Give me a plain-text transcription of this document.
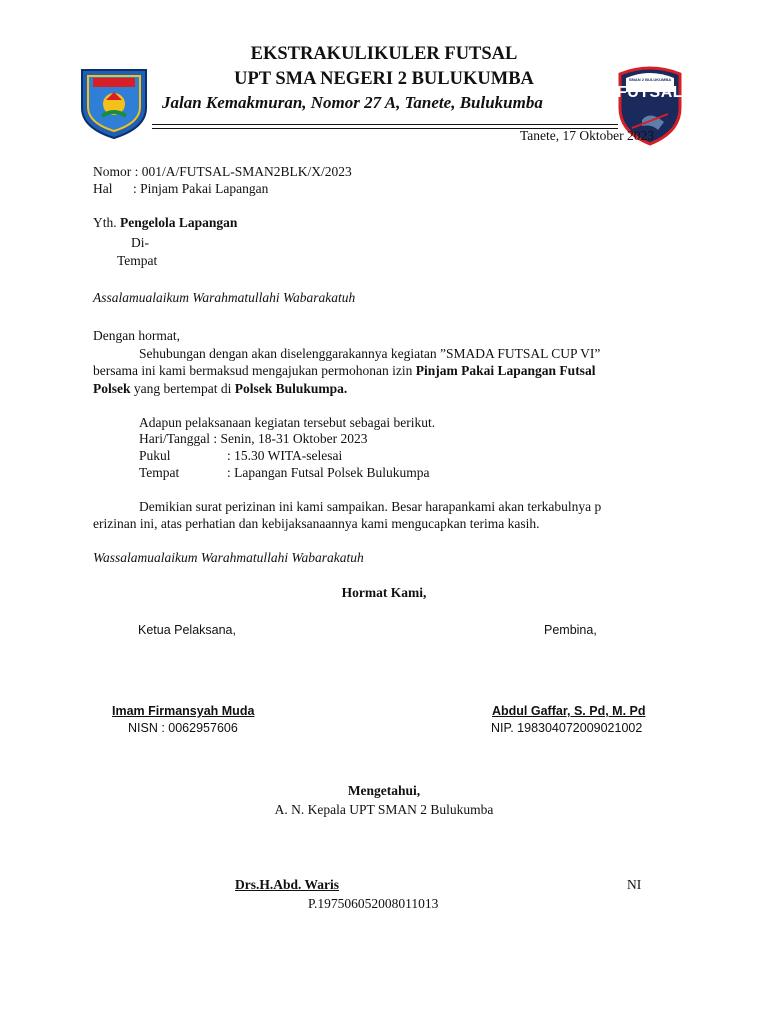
SMAN 2 BULUKUMBA
FUTSAL
EKSTRAKULIKULER FUTSAL
UPT SMA NEGERI 2 BULUKUMBA
Jalan Kemakmuran, Nomor 27 A, Tanete, Bulukumba
Tanete, 17 Oktober 2023
Nomor : 001/A/FUTSAL-SMAN2BLK/X/2023
Hal : Pinjam Pakai Lapangan
Yth. Pengelola Lapangan
Di-
Tempat
Assalamualaikum Warahmatullahi Wabarakatuh
Dengan hormat,
Sehubungan dengan akan diselenggarakannya kegiatan ”SMADA FUTSAL CUP VI”
bersama ini kami bermaksud mengajukan permohonan izin Pinjam Pakai Lapangan Futsal
Polsek yang bertempat di Polsek Bulukumpa.
Adapun pelaksanaan kegiatan tersebut sebagai berikut.
Hari/Tanggal : Senin, 18-31 Oktober 2023
Pukul	: 15.30 WITA-selesai
Tempat	: Lapangan Futsal Polsek Bulukumpa
Demikian surat perizinan ini kami sampaikan. Besar harapankami akan terkabulnya p
erizinan ini, atas perhatian dan kebijaksanaannya kami mengucapkan terima kasih.
Wassalamualaikum Warahmatullahi Wabarakatuh
Hormat Kami,
Ketua Pelaksana,	Pembina,
Imam Firmansyah Muda
NISN : 0062957606
Abdul Gaffar, S. Pd, M. Pd
NIP. 198304072009021002
Mengetahui,
A. N. Kepala UPT SMAN 2 Bulukumba
Drs.H.Abd. Waris	NI
P.197506052008011013
